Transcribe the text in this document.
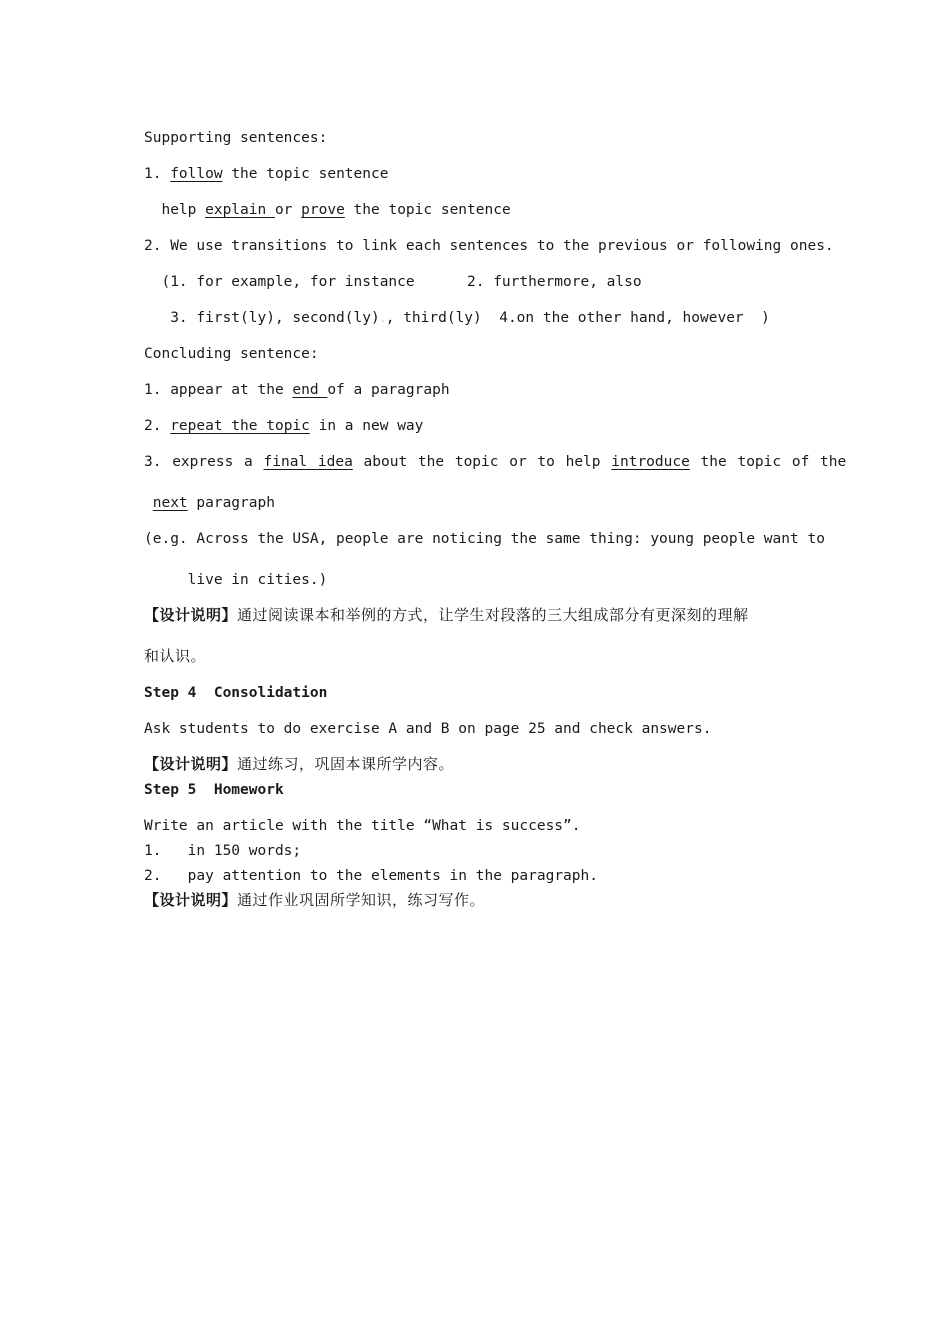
Supporting sentences:
1. follow the topic sentence
help explain or prove the topic sentence
2. We use transitions to link each sentences to the previous or following ones.
(1. for example, for instance      2. furthermore, also
3. first(ly), second(ly)., third(ly)  4.on the other hand, however  )
Concluding sentence:
1. appear at the end of a paragraph
2. repeat the topic in a new way
3. express a final idea about the topic or to help introduce the topic of the
next paragraph
(e.g. Across the USA, people are noticing the same thing: young people want to
live in cities.)
【设计说明】通过阅读课本和举例的方式，让学生对段落的三大组成部分有更深刻的理解
和认识。
Step 4  Consolidation
Ask students to do exercise A and B on page 25 and check answers.
【设计说明】通过练习，巩固本课所学内容。
Step 5  Homework
Write an article with the title “What is success”.
1.   in 150 words;
2.   pay attention to the elements in the paragraph.
【设计说明】通过作业巩固所学知识，练习写作。
